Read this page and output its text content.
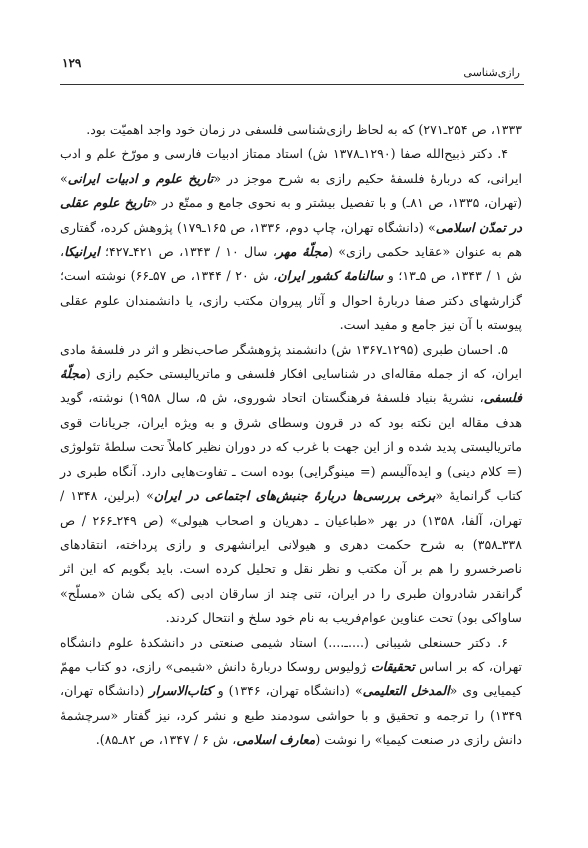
۱۲۹

رازی‌شناسی

۱۳۳۳، ص ۲۵۴ـ۲۷۱) که به لحاظ رازی‌شناسی فلسفی در زمان خود واجد اهمیّت بود.

۴. دکتر ذبیح‌الله صفا (۱۲۹۰ـ۱۳۷۸ ش) استاد ممتاز ادبیات فارسی و مورّخ علم و ادب ایرانی، که دربارهٔ فلسفهٔ حکیم رازی به شرح موجز در «تاریخ علوم و ادبیات ایرانی» (تهران، ۱۳۳۵، ص ۸۱ـ) و با تفصیل بیشتر و به نحوی جامع و ممتّع در «تاریخ علوم عقلی در تمدّن اسلامی» (دانشگاه تهران، چاپ دوم، ۱۳۳۶، ص ۱۶۵ـ۱۷۹) پژوهش کرده، گفتاری هم به عنوان «عقاید حکمی رازی» (مجلّهٔ مهر، سال ۱۰ / ۱۳۴۳، ص ۴۲۱ـ۴۲۷؛ ایرانیکا، ش ۱ / ۱۳۴۳، ص ۵ـ۱۳؛ و سالنامهٔ کشور ایران، ش ۲۰ / ۱۳۴۴، ص ۵۷ـ۶۶) نوشته است؛ گزارشهای دکتر صفا دربارهٔ احوال و آثار پیروان مکتب رازی، یا دانشمندان علوم عقلی پیوسته با آن نیز جامع و مفید است.

۵. احسان طبری (۱۲۹۵ـ۱۳۶۷ ش) دانشمند پژوهشگر صاحب‌نظر و اثر در فلسفهٔ مادی ایران، که از جمله مقاله‌ای در شناسایی افکار فلسفی و ماتریالیستی حکیم رازی (مجلّهٔ فلسفی، نشریهٔ بنیاد فلسفهٔ فرهنگستان اتحاد شوروی، ش ۵، سال ۱۹۵۸) نوشته، گوید هدف مقاله این نکته بود که در قرون وسطای شرق و به ویژه ایران، جریانات قوی ماتریالیستی پدید شده و از این جهت با غرب که در دوران نظیر کاملاً تحت سلطهٔ تئولوژی (= کلام دینی) و ایده‌آلیسم (= مینوگرایی) بوده است ـ تفاوت‌هایی دارد. آنگاه طبری در کتاب گرانمایهٔ «برخی بررسی‌ها دربارهٔ جنبش‌های اجتماعی در ایران» (برلین، ۱۳۴۸ / تهران، آلفا، ۱۳۵۸) در بهر «طباعیان ـ دهریان و اصحاب هیولی» (ص ۲۴۹ـ۲۶۶ / ص ۳۳۸ـ۳۵۸) به شرح حکمت دهری و هیولانی ایرانشهری و رازی پرداخته، انتقادهای ناصرخسرو را هم بر آن مکتب و نظر نقل و تحلیل کرده است. باید بگویم که این اثر گرانقدر شادروان طبری را در ایران، تنی چند از سارقان ادبی (که یکی شان «مسلّح» ساواکی بود) تحت عناوین عوام‌فریب به نام خود سلخ و انتحال کردند.

۶. دکتر حسنعلی شیبانی (....ـ....) استاد شیمی صنعتی در دانشکدهٔ علوم دانشگاه تهران، که بر اساس تحقیقات ژولیوس روسکا دربارهٔ دانش «شیمی» رازی، دو کتاب مهمّ کیمیایی وی «المدخل التعلیمی» (دانشگاه تهران، ۱۳۴۶) و کتاب‌الاسرار (دانشگاه تهران، ۱۳۴۹) را ترجمه و تحقیق و با حواشی سودمند طبع و نشر کرد، نیز گفتار «سرچشمهٔ دانش رازی در صنعت کیمیا» را نوشت (معارف اسلامی، ش ۶ / ۱۳۴۷، ص ۸۲ـ۸۵).
